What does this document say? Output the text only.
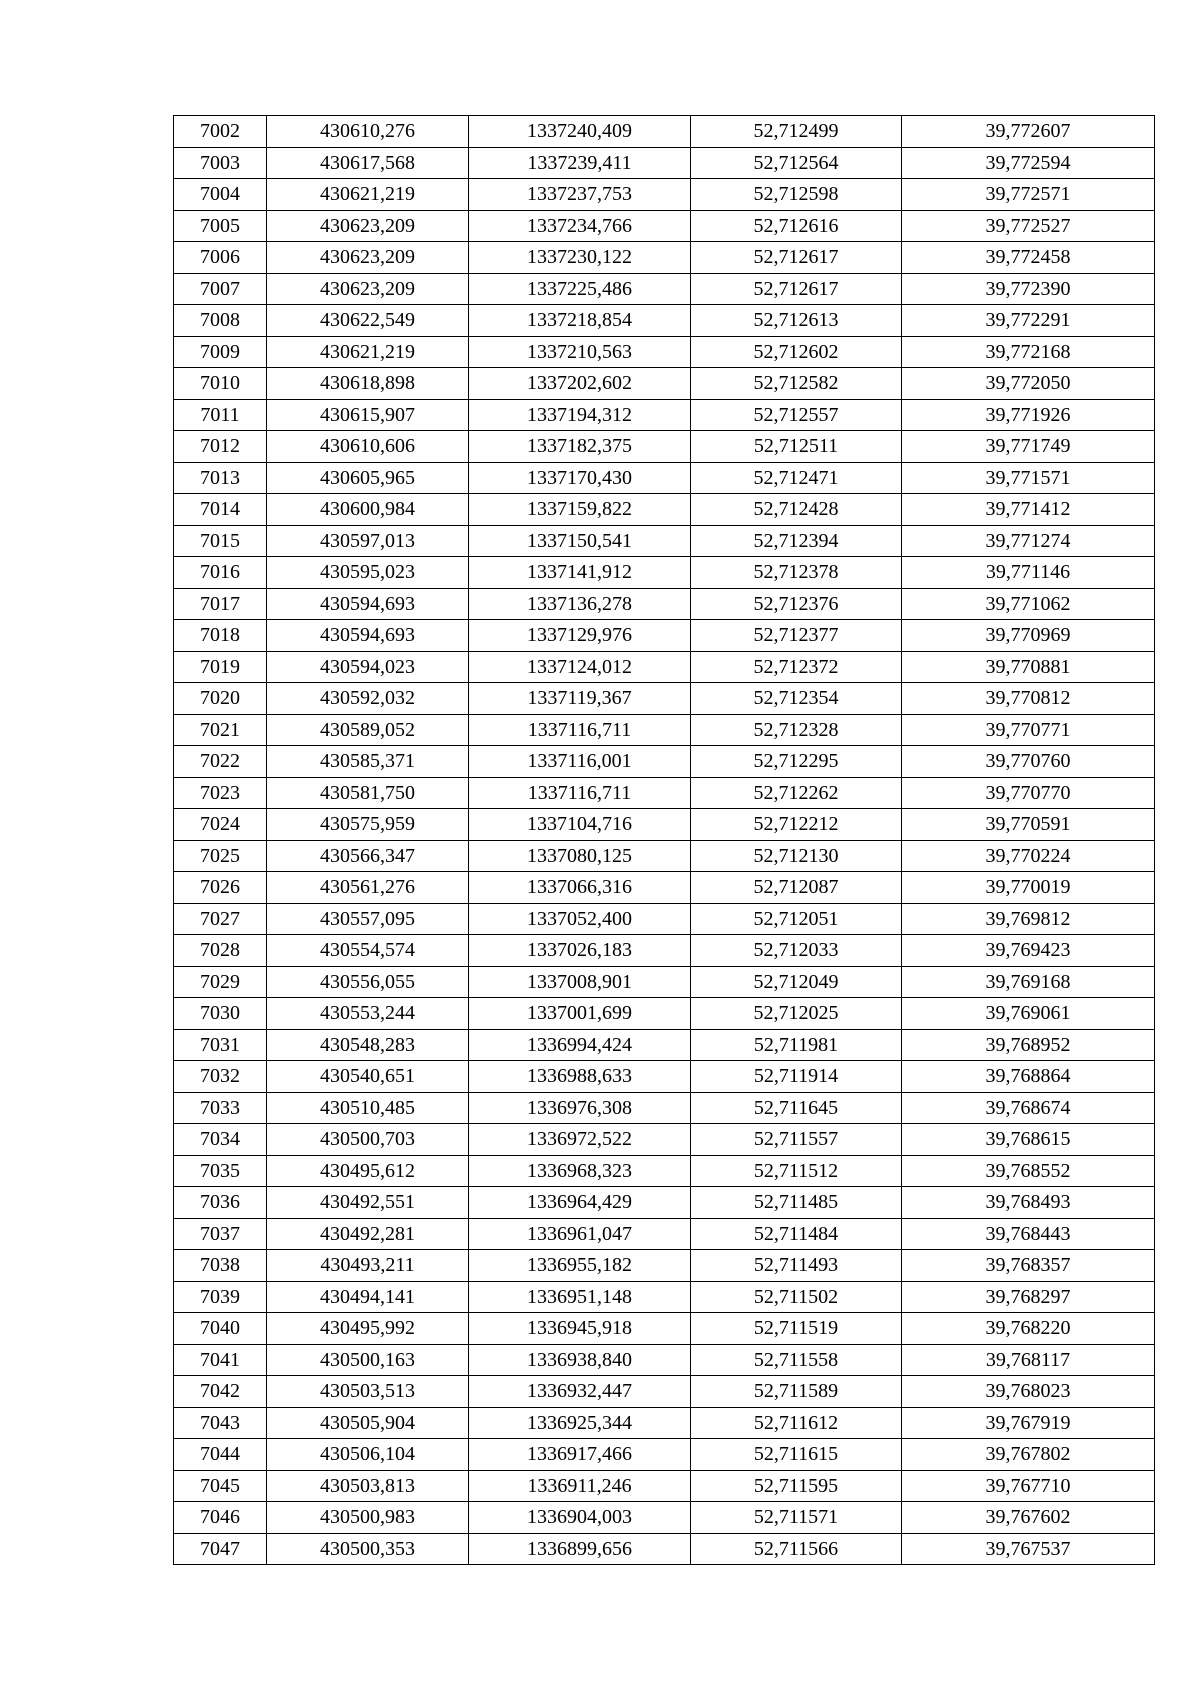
7002	430610,276	1337240,409	52,712499	39,772607
7003	430617,568	1337239,411	52,712564	39,772594
7004	430621,219	1337237,753	52,712598	39,772571
7005	430623,209	1337234,766	52,712616	39,772527
7006	430623,209	1337230,122	52,712617	39,772458
7007	430623,209	1337225,486	52,712617	39,772390
7008	430622,549	1337218,854	52,712613	39,772291
7009	430621,219	1337210,563	52,712602	39,772168
7010	430618,898	1337202,602	52,712582	39,772050
7011	430615,907	1337194,312	52,712557	39,771926
7012	430610,606	1337182,375	52,712511	39,771749
7013	430605,965	1337170,430	52,712471	39,771571
7014	430600,984	1337159,822	52,712428	39,771412
7015	430597,013	1337150,541	52,712394	39,771274
7016	430595,023	1337141,912	52,712378	39,771146
7017	430594,693	1337136,278	52,712376	39,771062
7018	430594,693	1337129,976	52,712377	39,770969
7019	430594,023	1337124,012	52,712372	39,770881
7020	430592,032	1337119,367	52,712354	39,770812
7021	430589,052	1337116,711	52,712328	39,770771
7022	430585,371	1337116,001	52,712295	39,770760
7023	430581,750	1337116,711	52,712262	39,770770
7024	430575,959	1337104,716	52,712212	39,770591
7025	430566,347	1337080,125	52,712130	39,770224
7026	430561,276	1337066,316	52,712087	39,770019
7027	430557,095	1337052,400	52,712051	39,769812
7028	430554,574	1337026,183	52,712033	39,769423
7029	430556,055	1337008,901	52,712049	39,769168
7030	430553,244	1337001,699	52,712025	39,769061
7031	430548,283	1336994,424	52,711981	39,768952
7032	430540,651	1336988,633	52,711914	39,768864
7033	430510,485	1336976,308	52,711645	39,768674
7034	430500,703	1336972,522	52,711557	39,768615
7035	430495,612	1336968,323	52,711512	39,768552
7036	430492,551	1336964,429	52,711485	39,768493
7037	430492,281	1336961,047	52,711484	39,768443
7038	430493,211	1336955,182	52,711493	39,768357
7039	430494,141	1336951,148	52,711502	39,768297
7040	430495,992	1336945,918	52,711519	39,768220
7041	430500,163	1336938,840	52,711558	39,768117
7042	430503,513	1336932,447	52,711589	39,768023
7043	430505,904	1336925,344	52,711612	39,767919
7044	430506,104	1336917,466	52,711615	39,767802
7045	430503,813	1336911,246	52,711595	39,767710
7046	430500,983	1336904,003	52,711571	39,767602
7047	430500,353	1336899,656	52,711566	39,767537
